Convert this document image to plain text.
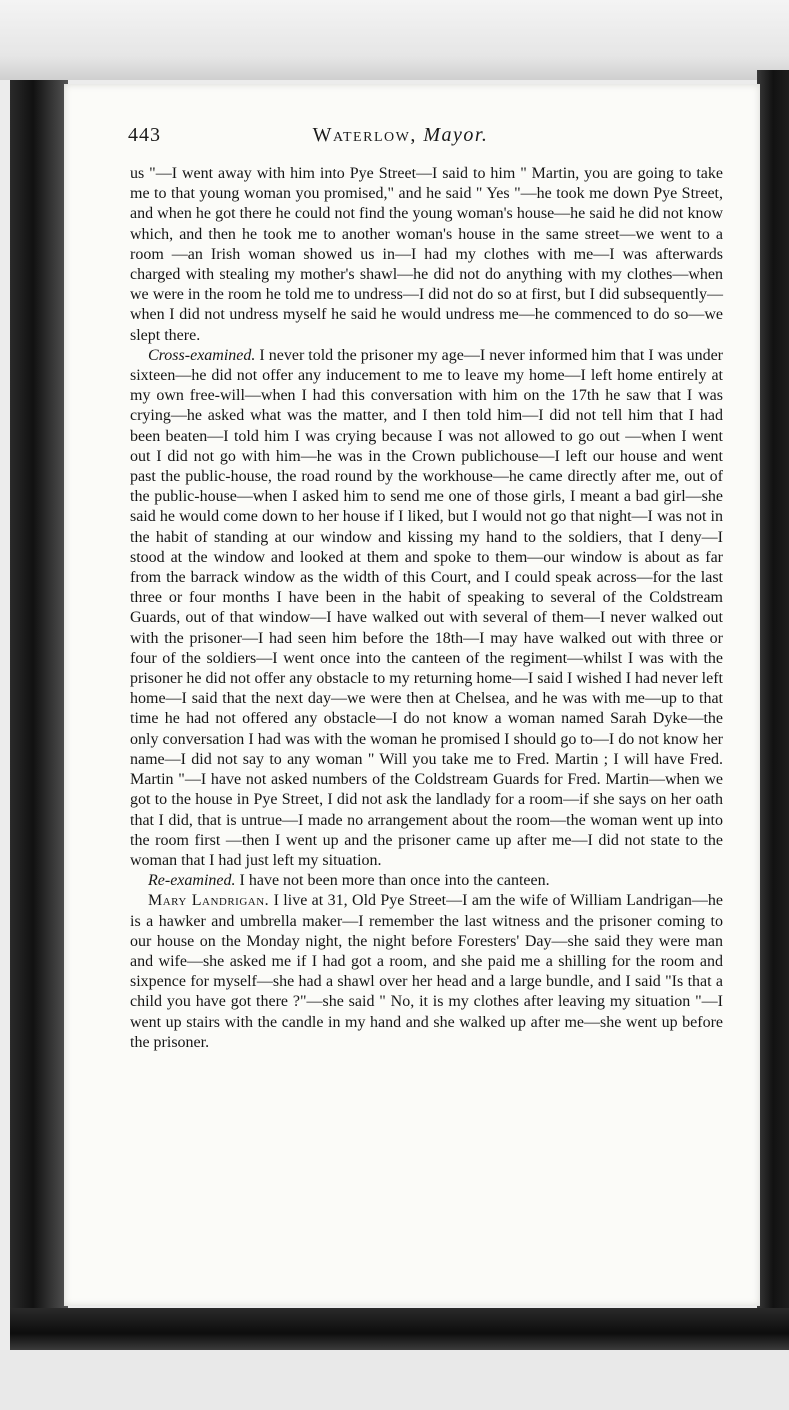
443	Waterlow, Mayor.

us "—I went away with him into Pye Street—I said to him " Martin, you are going to take me to that young woman you promised," and he said " Yes "—he took me down Pye Street, and when he got there he could not find the young woman's house—he said he did not know which, and then he took me to another woman's house in the same street—we went to a room —an Irish woman showed us in—I had my clothes with me—I was afterwards charged with stealing my mother's shawl—he did not do anything with my clothes—when we were in the room he told me to undress—I did not do so at first, but I did subsequently—when I did not undress myself he said he would undress me—he commenced to do so—we slept there.

Cross-examined. I never told the prisoner my age—I never informed him that I was under sixteen—he did not offer any inducement to me to leave my home—I left home entirely at my own free-will—when I had this conversation with him on the 17th he saw that I was crying—he asked what was the matter, and I then told him—I did not tell him that I had been beaten—I told him I was crying because I was not allowed to go out —when I went out I did not go with him—he was in the Crown publichouse—I left our house and went past the public-house, the road round by the workhouse—he came directly after me, out of the public-house—when I asked him to send me one of those girls, I meant a bad girl—she said he would come down to her house if I liked, but I would not go that night—I was not in the habit of standing at our window and kissing my hand to the soldiers, that I deny—I stood at the window and looked at them and spoke to them—our window is about as far from the barrack window as the width of this Court, and I could speak across—for the last three or four months I have been in the habit of speaking to several of the Coldstream Guards, out of that window—I have walked out with several of them—I never walked out with the prisoner—I had seen him before the 18th—I may have walked out with three or four of the soldiers—I went once into the canteen of the regiment—whilst I was with the prisoner he did not offer any obstacle to my returning home—I said I wished I had never left home—I said that the next day—we were then at Chelsea, and he was with me—up to that time he had not offered any obstacle—I do not know a woman named Sarah Dyke—the only conversation I had was with the woman he promised I should go to—I do not know her name—I did not say to any woman " Will you take me to Fred. Martin ; I will have Fred. Martin "—I have not asked numbers of the Coldstream Guards for Fred. Martin—when we got to the house in Pye Street, I did not ask the landlady for a room—if she says on her oath that I did, that is untrue—I made no arrangement about the room—the woman went up into the room first —then I went up and the prisoner came up after me—I did not state to the woman that I had just left my situation.

Re-examined. I have not been more than once into the canteen.

Mary Landrigan. I live at 31, Old Pye Street—I am the wife of William Landrigan—he is a hawker and umbrella maker—I remember the last witness and the prisoner coming to our house on the Monday night, the night before Foresters' Day—she said they were man and wife—she asked me if I had got a room, and she paid me a shilling for the room and sixpence for myself—she had a shawl over her head and a large bundle, and I said "Is that a child you have got there ?"—she said " No, it is my clothes after leaving my situation "—I went up stairs with the candle in my hand and she walked up after me—she went up before the prisoner.
